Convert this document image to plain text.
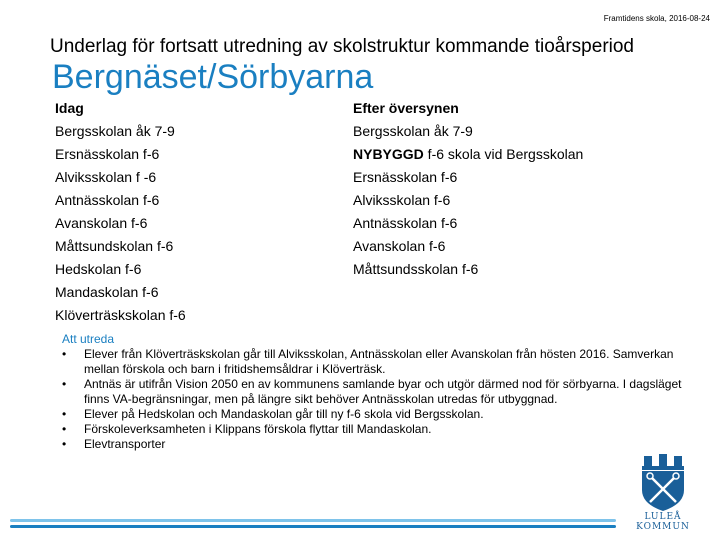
Framtidens skola, 2016-08-24
Underlag för fortsatt utredning av skolstruktur kommande tioårsperiod
Bergnäset/Sörbyarna
Idag
Bergsskolan åk 7-9
Ersnässkolan f-6
Alviksskolan f -6
Antnässkolan f-6
Avanskolan f-6
Måttsundskolan f-6
Hedskolan f-6
Mandaskolan f-6
Klöverträskskolan f-6
Efter översynen
Bergsskolan åk 7-9
NYBYGGD f-6 skola vid Bergsskolan
Ersnässkolan f-6
Alviksskolan f-6
Antnässkolan f-6
Avanskolan f-6
Måttsundsskolan f-6
Att utreda
• Elever från Klöverträskskolan går till Alviksskolan, Antnässkolan eller Avanskolan från hösten 2016. Samverkan mellan förskola och barn i fritidshemsåldrar i Klöverträsk.
• Antnäs är utifrån Vision 2050 en av kommunens samlande byar och utgör därmed nod för sörbyarna. I dagsläget finns VA-begränsningar, men på längre sikt behöver Antnässkolan utredas för utbyggnad.
• Elever på Hedskolan och Mandaskolan går till ny f-6 skola vid Bergsskolan.
• Förskoleverksamheten i Klippans förskola flyttar till Mandaskolan.
• Elevtransporter
LULEÅ KOMMUN
